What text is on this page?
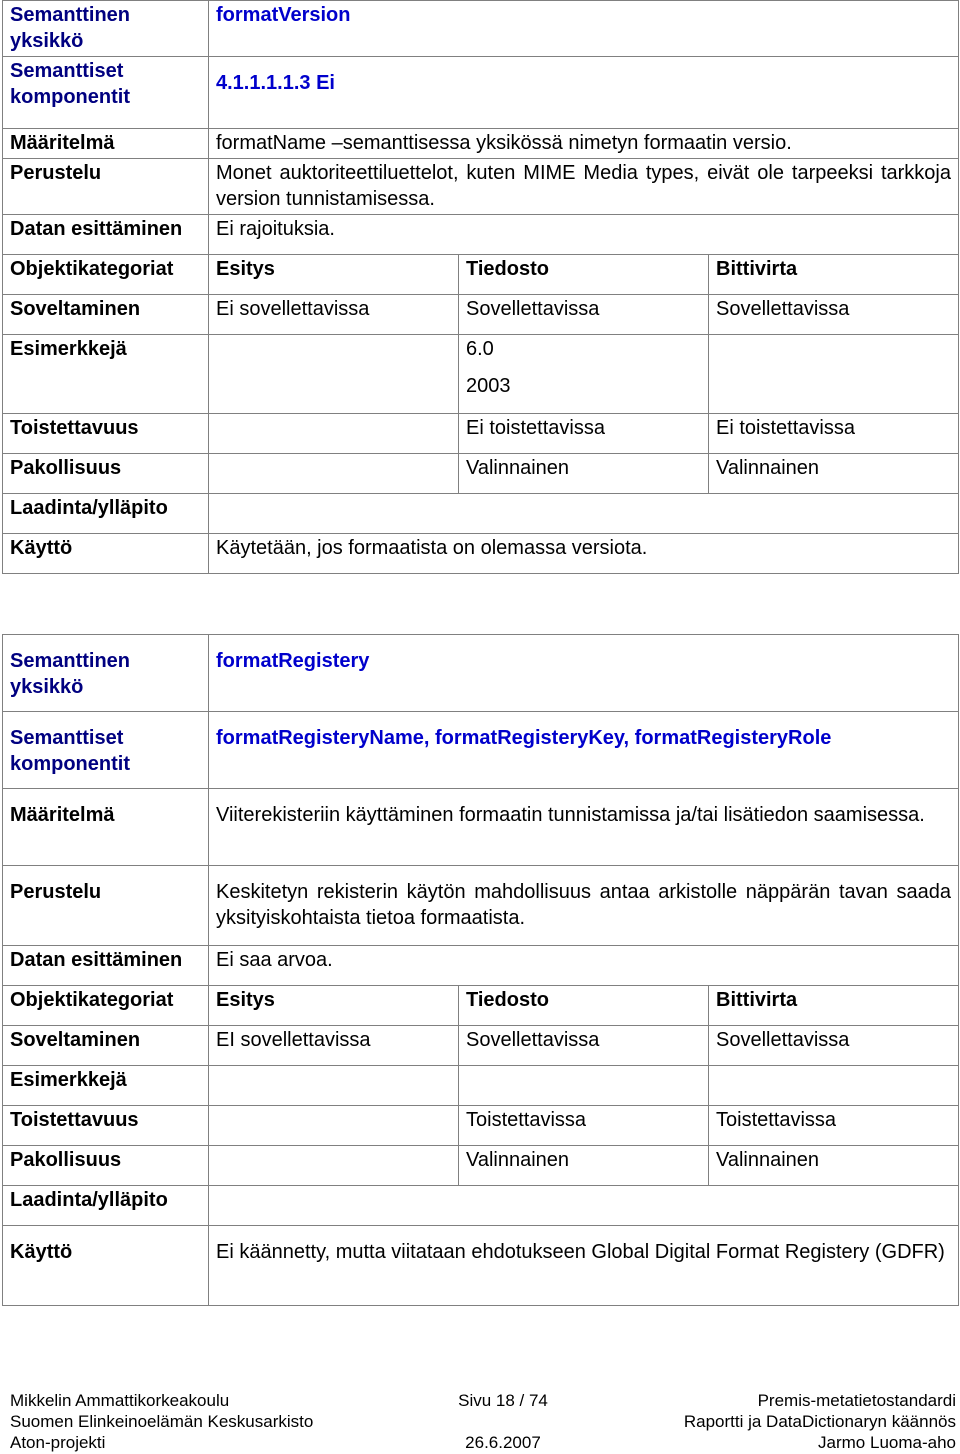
Semanttinen yksikkö	formatVersion		
Semanttiset komponentit	4.1.1.1.1.3 Ei		
Määritelmä	formatName –semanttisessa yksikössä nimetyn formaatin versio.		
Perustelu	Monet auktoriteettiluettelot, kuten MIME Media types, eivät ole tarpeeksi tarkkoja version tunnistamisessa.		
Datan esittäminen	Ei rajoituksia.		
Objektikategoriat	Esitys	Tiedosto	Bittivirta
Soveltaminen	Ei sovellettavissa	Sovellettavissa	Sovellettavissa
Esimerkkejä		6.0
2003	

Toistettavuus		Ei toistettavissa	Ei toistettavissa
Pakollisuus		Valinnainen	Valinnainen
Laadinta/ylläpito			
Käyttö	Käytetään, jos formaatista on olemassa versiota.		
Semanttinen yksikkö	formatRegistery		
Semanttiset komponentit	formatRegisteryName, formatRegisteryKey, formatRegisteryRole		
Määritelmä	Viiterekisteriin käyttäminen formaatin tunnistamissa ja/tai lisätiedon saamisessa.		
Perustelu	Keskitetyn rekisterin käytön mahdollisuus antaa arkistolle näppärän tavan saada yksityiskohtaista tietoa formaatista.		
Datan esittäminen	Ei saa arvoa.		
Objektikategoriat	Esitys	Tiedosto	Bittivirta
Soveltaminen	EI sovellettavissa	Sovellettavissa	Sovellettavissa
Esimerkkejä			
Toistettavuus		Toistettavissa	Toistettavissa
Pakollisuus		Valinnainen	Valinnainen
Laadinta/ylläpito			
Käyttö	Ei käännetty, mutta viitataan ehdotukseen Global Digital Format Registery (GDFR)		
Mikkelin Ammattikorkeakoulu
Suomen Elinkeinoelämän Keskusarkisto
Aton-projekti
Sivu 18 / 74

26.6.2007
Premis-metatietostandardi
Raportti ja DataDictionaryn käännös
Jarmo Luoma-aho
